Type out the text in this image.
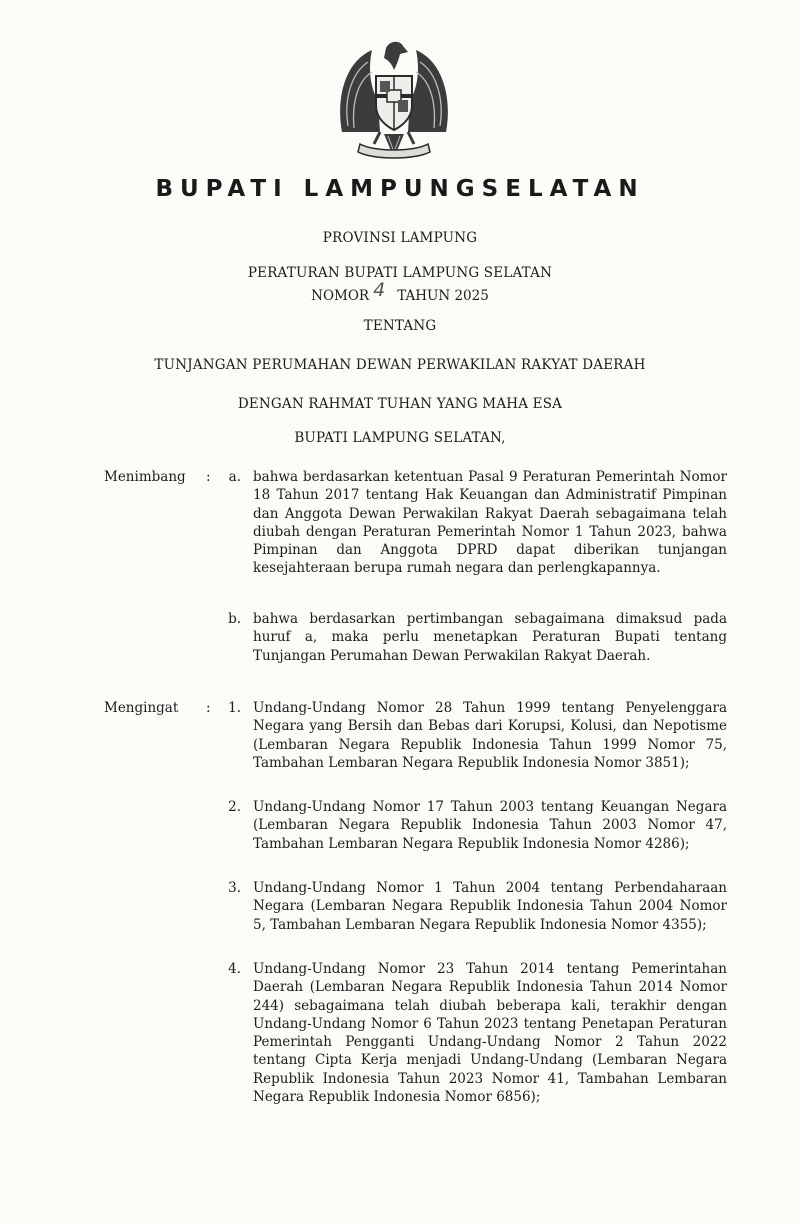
BUPATI LAMPUNGSELATAN
PROVINSI LAMPUNG
PERATURAN BUPATI LAMPUNG SELATAN
NOMOR 4 TAHUN 2025
TENTANG
TUNJANGAN PERUMAHAN DEWAN PERWAKILAN RAKYAT DAERAH
DENGAN RAHMAT TUHAN YANG MAHA ESA
BUPATI LAMPUNG SELATAN,
Menimbang :	a. bahwa berdasarkan ketentuan Pasal 9 Peraturan Pemerintah Nomor 18 Tahun 2017 tentang Hak Keuangan dan Administratif Pimpinan dan Anggota Dewan Perwakilan Rakyat Daerah sebagaimana telah diubah dengan Peraturan Pemerintah Nomor 1 Tahun 2023, bahwa Pimpinan dan Anggota DPRD dapat diberikan tunjangan kesejahteraan berupa rumah negara dan perlengkapannya.
b. bahwa berdasarkan pertimbangan sebagaimana dimaksud pada huruf a, maka perlu menetapkan Peraturan Bupati tentang Tunjangan Perumahan Dewan Perwakilan Rakyat Daerah.
Mengingat :	1. Undang-Undang Nomor 28 Tahun 1999 tentang Penyelenggara Negara yang Bersih dan Bebas dari Korupsi, Kolusi, dan Nepotisme (Lembaran Negara Republik Indonesia Tahun 1999 Nomor 75, Tambahan Lembaran Negara Republik Indonesia Nomor 3851);
2. Undang-Undang Nomor 17 Tahun 2003 tentang Keuangan Negara (Lembaran Negara Republik Indonesia Tahun 2003 Nomor 47, Tambahan Lembaran Negara Republik Indonesia Nomor 4286);
3. Undang-Undang Nomor 1 Tahun 2004 tentang Perbendaharaan Negara (Lembaran Negara Republik Indonesia Tahun 2004 Nomor 5, Tambahan Lembaran Negara Republik Indonesia Nomor 4355);
4. Undang-Undang Nomor 23 Tahun 2014 tentang Pemerintahan Daerah (Lembaran Negara Republik Indonesia Tahun 2014 Nomor 244) sebagaimana telah diubah beberapa kali, terakhir dengan Undang-Undang Nomor 6 Tahun 2023 tentang Penetapan Peraturan Pemerintah Pengganti Undang-Undang Nomor 2 Tahun 2022 tentang Cipta Kerja menjadi Undang-Undang (Lembaran Negara Republik Indonesia Tahun 2023 Nomor 41, Tambahan Lembaran Negara Republik Indonesia Nomor 6856);
